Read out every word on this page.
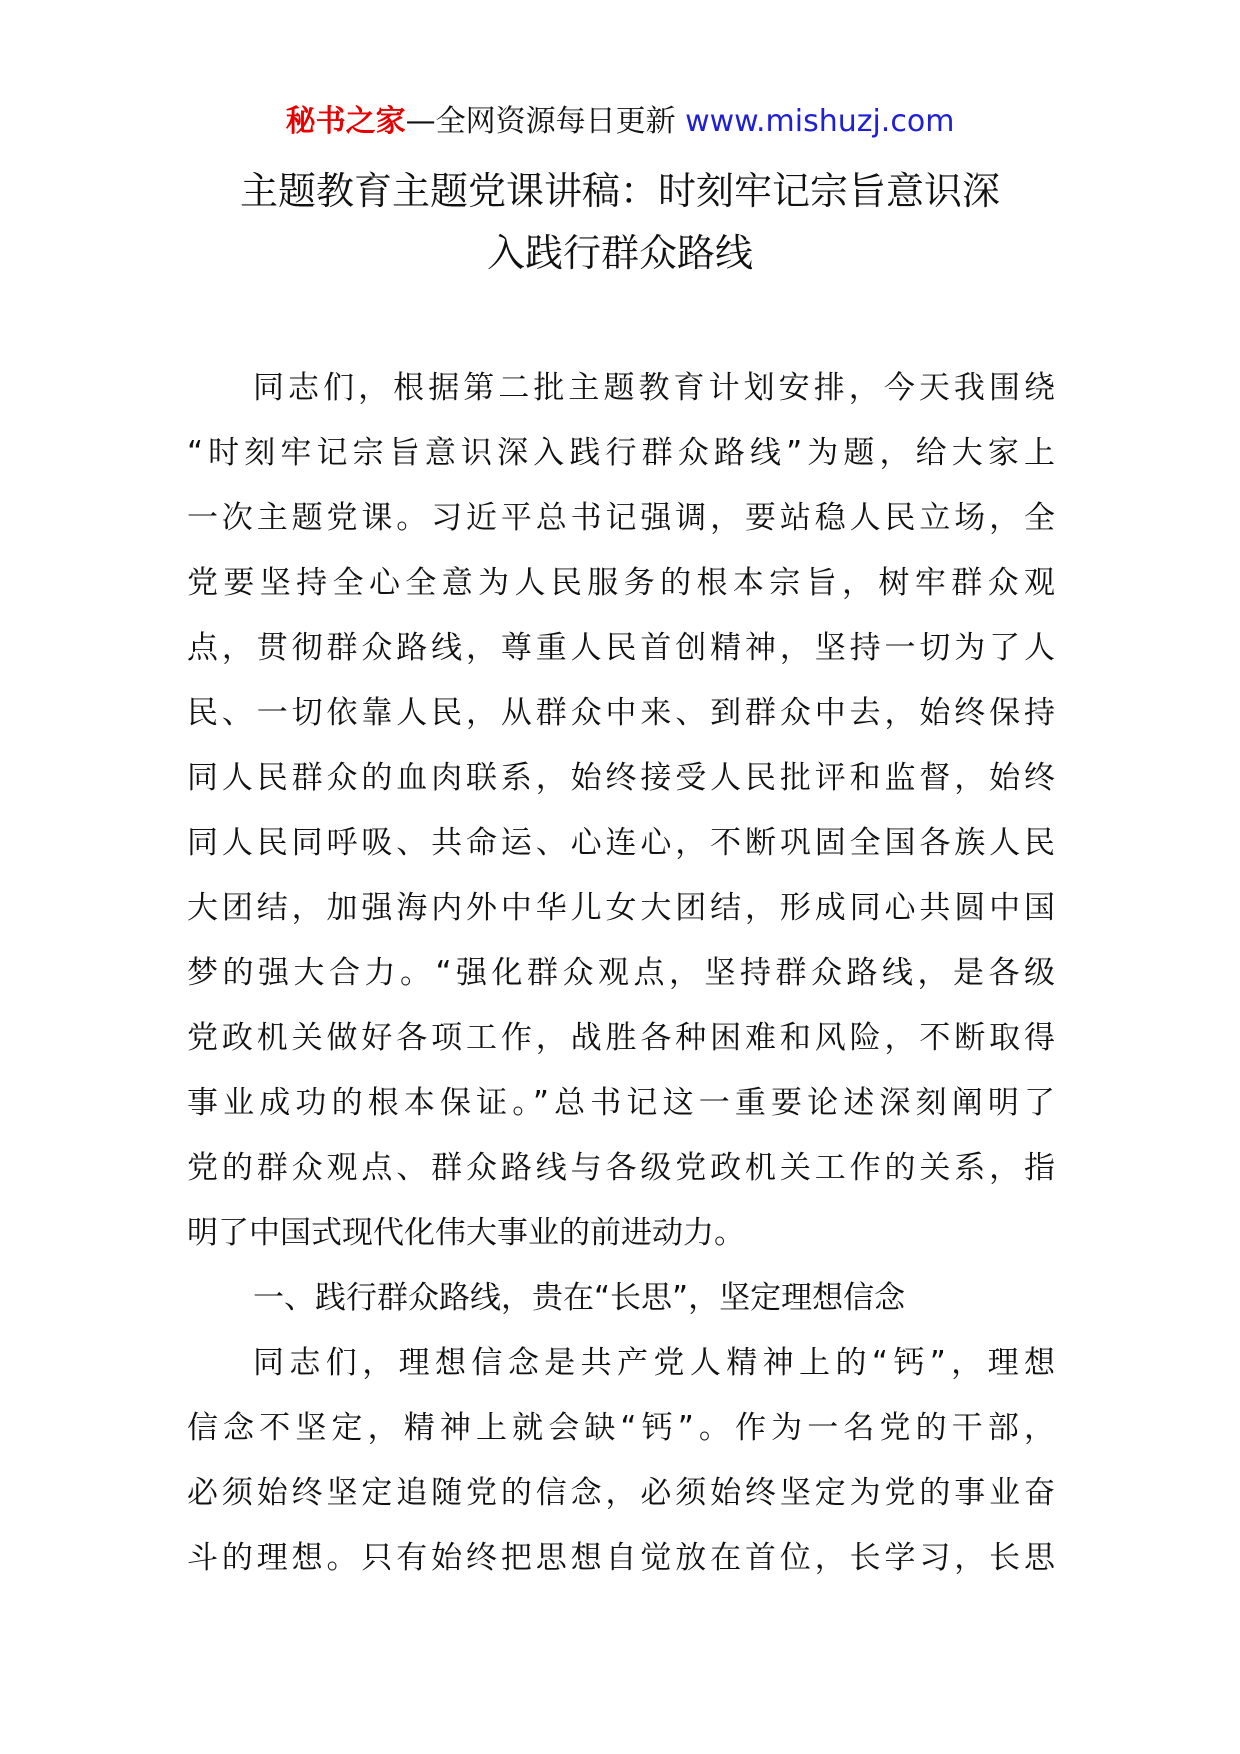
秘书之家—全网资源每日更新 www.mishuzj.com
主题教育主题党课讲稿：时刻牢记宗旨意识深
入践行群众路线
同志们，根据第二批主题教育计划安排，今天我围绕
“时刻牢记宗旨意识深入践行群众路线”为题，给大家上
一次主题党课。习近平总书记强调，要站稳人民立场，全
党要坚持全心全意为人民服务的根本宗旨，树牢群众观
点，贯彻群众路线，尊重人民首创精神，坚持一切为了人
民、一切依靠人民，从群众中来、到群众中去，始终保持
同人民群众的血肉联系，始终接受人民批评和监督，始终
同人民同呼吸、共命运、心连心，不断巩固全国各族人民
大团结，加强海内外中华儿女大团结，形成同心共圆中国
梦的强大合力。“强化群众观点，坚持群众路线，是各级
党政机关做好各项工作，战胜各种困难和风险，不断取得
事业成功的根本保证。”总书记这一重要论述深刻阐明了
党的群众观点、群众路线与各级党政机关工作的关系，指
明了中国式现代化伟大事业的前进动力。
一、践行群众路线，贵在“长思”，坚定理想信念
同志们，理想信念是共产党人精神上的“钙”，理想
信念不坚定，精神上就会缺“钙”。作为一名党的干部，
必须始终坚定追随党的信念，必须始终坚定为党的事业奋
斗的理想。只有始终把思想自觉放在首位，长学习，长思
